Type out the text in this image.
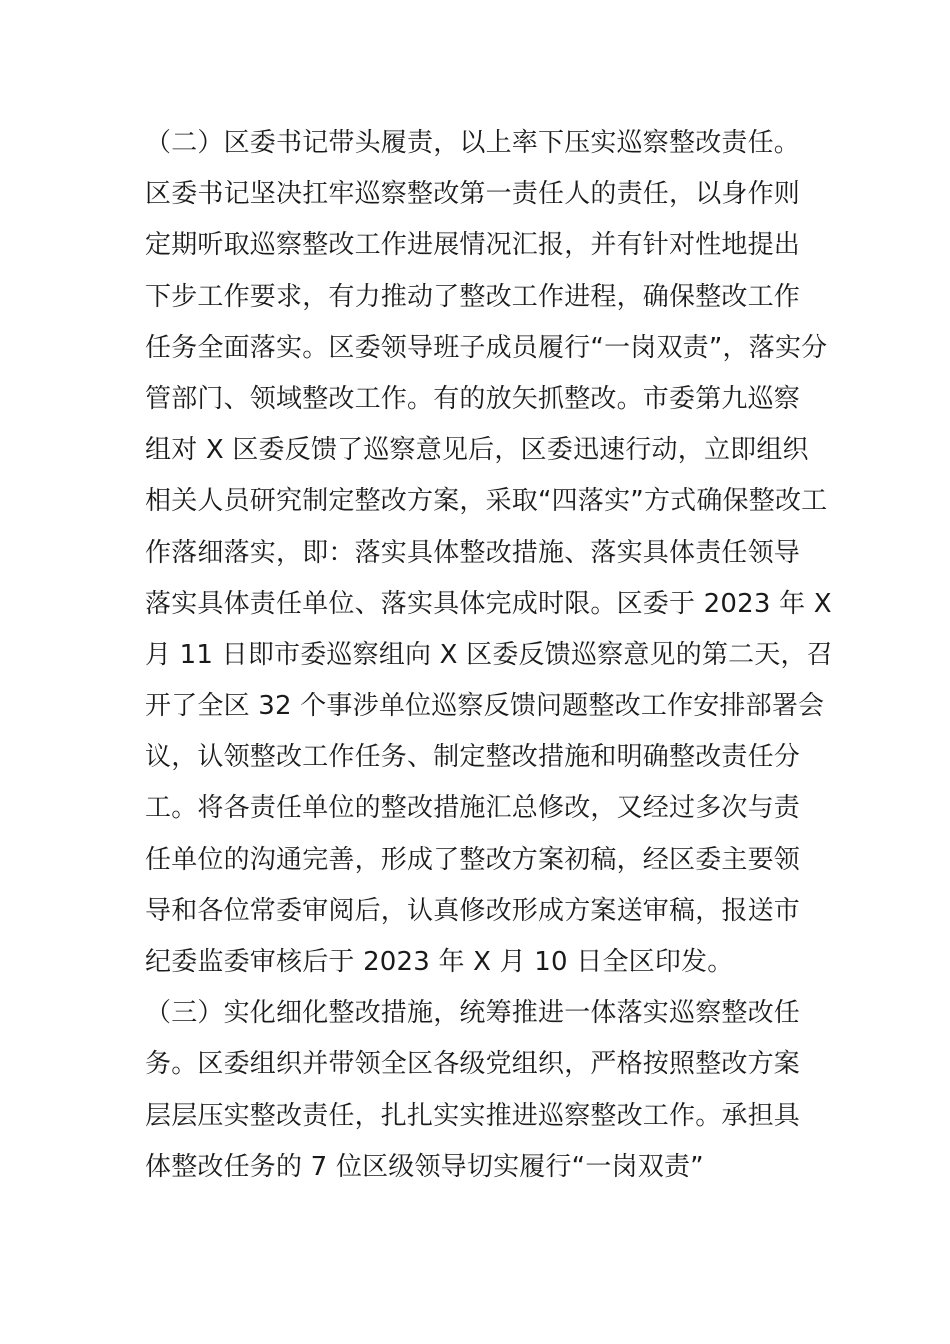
（二）区委书记带头履责，以上率下压实巡察整改责任。
区委书记坚决扛牢巡察整改第一责任人的责任，以身作则
定期听取巡察整改工作进展情况汇报，并有针对性地提出
下步工作要求，有力推动了整改工作进程，确保整改工作
任务全面落实。区委领导班子成员履行“一岗双责”，落实分
管部门、领域整改工作。有的放矢抓整改。市委第九巡察
组对 X 区委反馈了巡察意见后，区委迅速行动，立即组织
相关人员研究制定整改方案，采取“四落实”方式确保整改工
作落细落实，即：落实具体整改措施、落实具体责任领导
落实具体责任单位、落实具体完成时限。区委于 2023 年 X
月 11 日即市委巡察组向 X 区委反馈巡察意见的第二天，召
开了全区 32 个事涉单位巡察反馈问题整改工作安排部署会
议，认领整改工作任务、制定整改措施和明确整改责任分
工。将各责任单位的整改措施汇总修改，又经过多次与责
任单位的沟通完善，形成了整改方案初稿，经区委主要领
导和各位常委审阅后，认真修改形成方案送审稿，报送市
纪委监委审核后于 2023 年 X 月 10 日全区印发。
（三）实化细化整改措施，统筹推进一体落实巡察整改任
务。区委组织并带领全区各级党组织，严格按照整改方案
层层压实整改责任，扎扎实实推进巡察整改工作。承担具
体整改任务的 7 位区级领导切实履行“一岗双责”
